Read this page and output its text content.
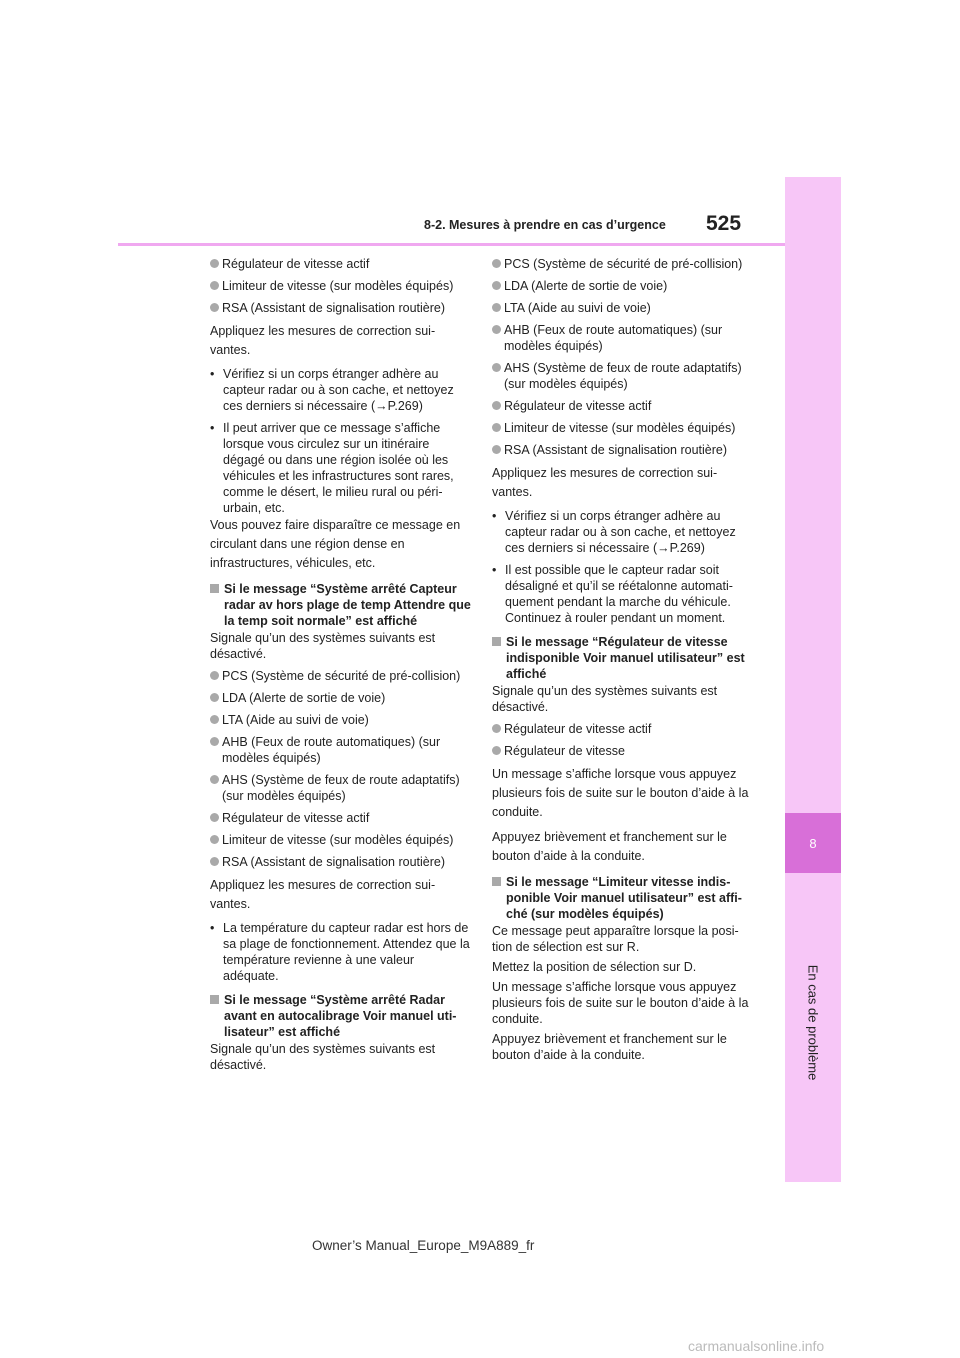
8
En cas de problème
8-2. Mesures à prendre en cas d’urgence 525
Régulateur de vitesse actif
Limiteur de vitesse (sur modèles équipés)
RSA (Assistant de signalisation routière)
Appliquez les mesures de correction sui-vantes.
• Vérifiez si un corps étranger adhère au capteur radar ou à son cache, et nettoyez ces derniers si nécessaire (→P.269)
• Il peut arriver que ce message s’affiche lorsque vous circulez sur un itinéraire dégagé ou dans une région isolée où les véhicules et les infrastructures sont rares, comme le désert, le milieu rural ou péri-urbain, etc.
Vous pouvez faire disparaître ce message en circulant dans une région dense en infrastructures, véhicules, etc.
Si le message “Système arrêté Capteur radar av hors plage de temp Attendre que la temp soit normale” est affiché
Signale qu’un des systèmes suivants est désactivé.
PCS (Système de sécurité de pré-collision)
LDA (Alerte de sortie de voie)
LTA (Aide au suivi de voie)
AHB (Feux de route automatiques) (sur modèles équipés)
AHS (Système de feux de route adaptatifs) (sur modèles équipés)
Régulateur de vitesse actif
Limiteur de vitesse (sur modèles équipés)
RSA (Assistant de signalisation routière)
Appliquez les mesures de correction sui-vantes.
• La température du capteur radar est hors de sa plage de fonctionnement. Attendez que la température revienne à une valeur adéquate.
Si le message “Système arrêté Radar avant en autocalibrage Voir manuel uti-lisateur” est affiché
Signale qu’un des systèmes suivants est désactivé.
PCS (Système de sécurité de pré-collision)
LDA (Alerte de sortie de voie)
LTA (Aide au suivi de voie)
AHB (Feux de route automatiques) (sur modèles équipés)
AHS (Système de feux de route adaptatifs) (sur modèles équipés)
Régulateur de vitesse actif
Limiteur de vitesse (sur modèles équipés)
RSA (Assistant de signalisation routière)
Appliquez les mesures de correction sui-vantes.
• Vérifiez si un corps étranger adhère au capteur radar ou à son cache, et nettoyez ces derniers si nécessaire (→P.269)
• Il est possible que le capteur radar soit désaligné et qu’il se réétalonne automati-quement pendant la marche du véhicule. Continuez à rouler pendant un moment.
Si le message “Régulateur de vitesse indisponible Voir manuel utilisateur” est affiché
Signale qu’un des systèmes suivants est désactivé.
Régulateur de vitesse actif
Régulateur de vitesse
Un message s’affiche lorsque vous appuyez plusieurs fois de suite sur le bouton d’aide à la conduite.
Appuyez brièvement et franchement sur le bouton d’aide à la conduite.
Si le message “Limiteur vitesse indis-ponible Voir manuel utilisateur” est affi-ché (sur modèles équipés)
Ce message peut apparaître lorsque la posi-tion de sélection est sur R.
Mettez la position de sélection sur D.
Un message s’affiche lorsque vous appuyez plusieurs fois de suite sur le bouton d’aide à la conduite.
Appuyez brièvement et franchement sur le bouton d’aide à la conduite.
Owner’s Manual_Europe_M9A889_fr
carmanualsonline.info
